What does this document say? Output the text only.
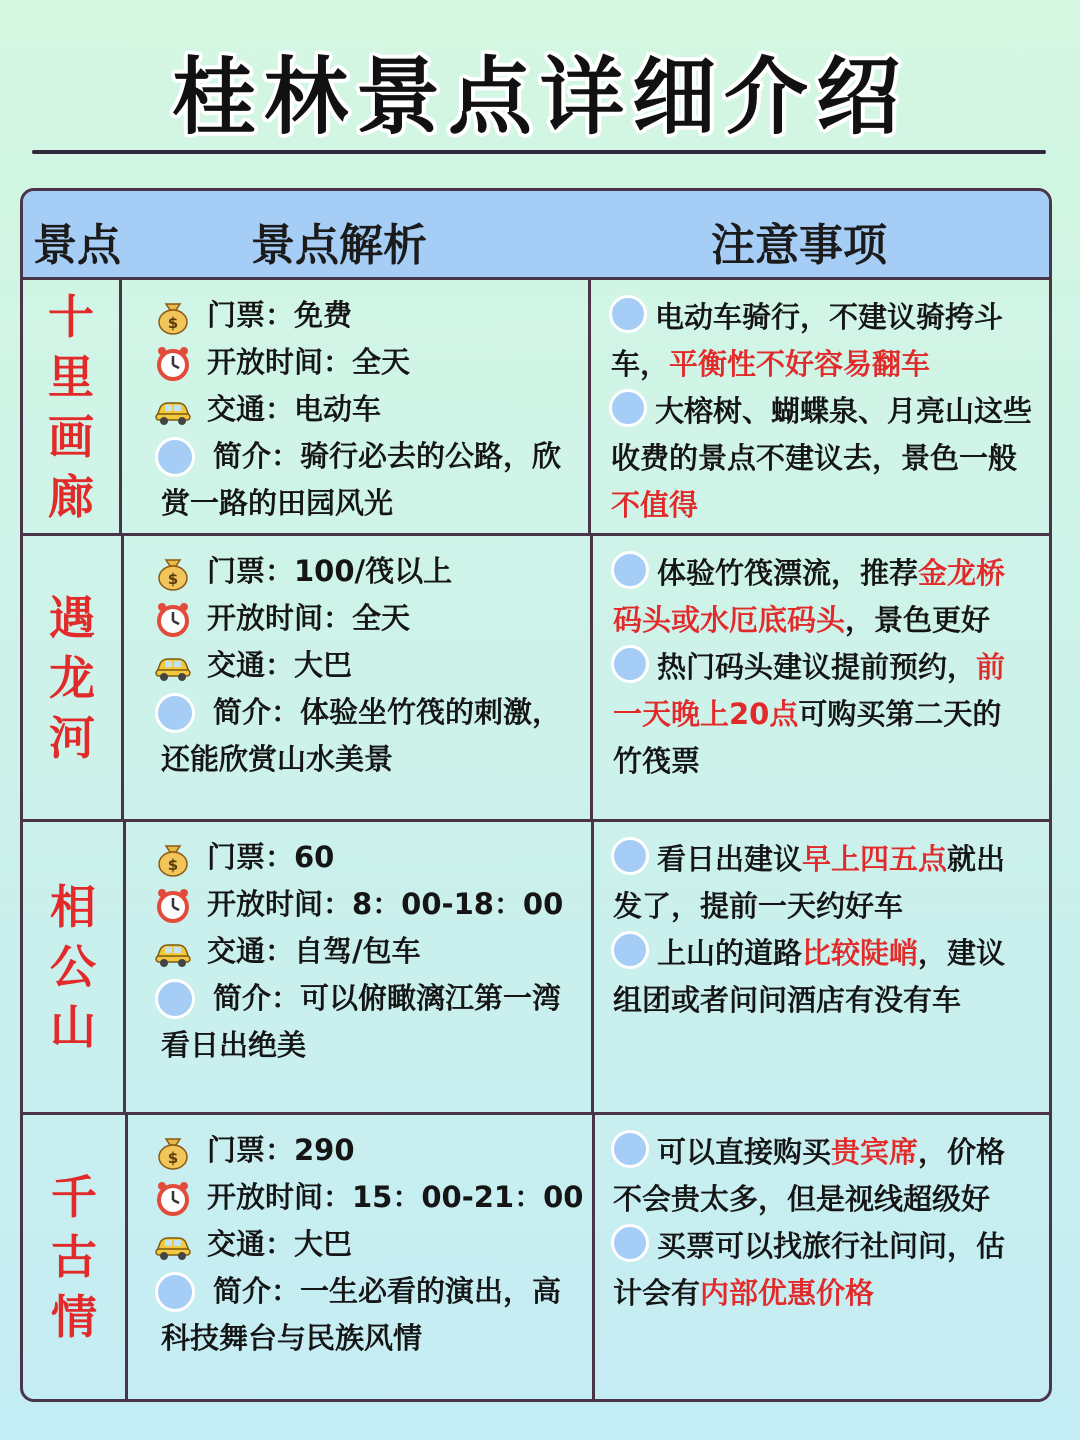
桂林景点详细介绍
景点	景点解析	注意事项
十里画廊
$ 门票：免费
开放时间：全天
交通：电动车
简介：骑行必去的公路，欣
赏一路的田园风光
电动车骑行，不建议骑挎斗
车，平衡性不好容易翻车
大榕树、蝴蝶泉、月亮山这些
收费的景点不建议去，景色一般
不值得
遇龙河
$ 门票：100/筏以上
开放时间：全天
交通：大巴
简介：体验坐竹筏的刺激，
还能欣赏山水美景
体验竹筏漂流，推荐金龙桥
码头或水厄底码头，景色更好
热门码头建议提前预约，前
一天晚上20点可购买第二天的
竹筏票
相公山
$ 门票：60
开放时间：8：00-18：00
交通：自驾/包车
简介：可以俯瞰漓江第一湾
看日出绝美
看日出建议早上四五点就出
发了，提前一天约好车
上山的道路比较陡峭，建议
组团或者问问酒店有没有车
千古情
$ 门票：290
开放时间：15：00-21：00
交通：大巴
简介：一生必看的演出，高
科技舞台与民族风情
可以直接购买贵宾席，价格
不会贵太多，但是视线超级好
买票可以找旅行社问问，估
计会有内部优惠价格
